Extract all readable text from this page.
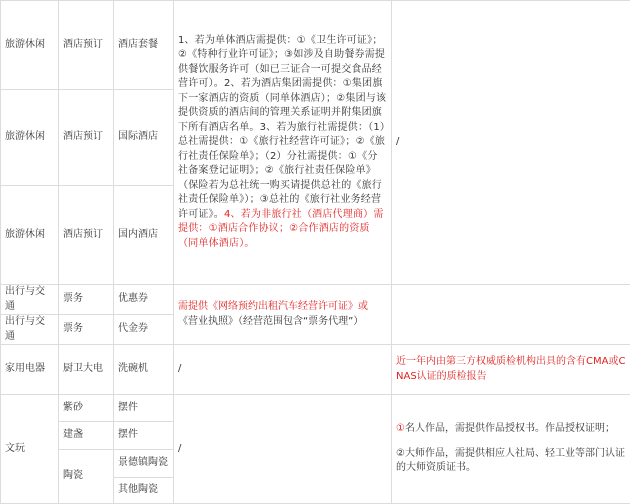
旅游休闲	酒店预订	酒店套餐	1、若为单体酒店需提供：①《卫生许可证》；②《特种行业许可证》；③如涉及自助餐券需提供餐饮服务许可（如已三证合一可提交食品经营许可）。2、若为酒店集团需提供：①集团旗下一家酒店的资质（同单体酒店）；②集团与该提供资质的酒店间的管理关系证明并附集团旗下所有酒店名单。3、若为旅行社需提供：（1）总社需提供：①《旅行社经营许可证》；②《旅行社责任保险单》；（2）分社需提供：①《分社备案登记证明》；②《旅行社责任保险单》（保险若为总社统一购买请提供总社的《旅行社责任保险单》）；③总社的《旅行社业务经营许可证》。4、若为非旅行社（酒店代理商）需提供：①酒店合作协议；②合作酒店的资质（同单体酒店）。	/
旅游休闲	酒店预订	国际酒店		
旅游休闲	酒店预订	国内酒店		
出行与交通	票务	优惠券	需提供《网络预约出租汽车经营许可证》或《营业执照》（经营范围包含“票务代理”）	
出行与交通	票务	代金券		
家用电器	厨卫大电	洗碗机	/	近一年内由第三方权威质检机构出具的含有CMA或CNAS认证的质检报告
文玩	紫砂	摆件	/	①名人作品，需提供作品授权书。作品授权证明；
②大师作品，需提供相应人社局、轻工业等部门认证的大师资质证书。

	建盏	摆件		
	陶瓷	景德镇陶瓷		
		其他陶瓷		
